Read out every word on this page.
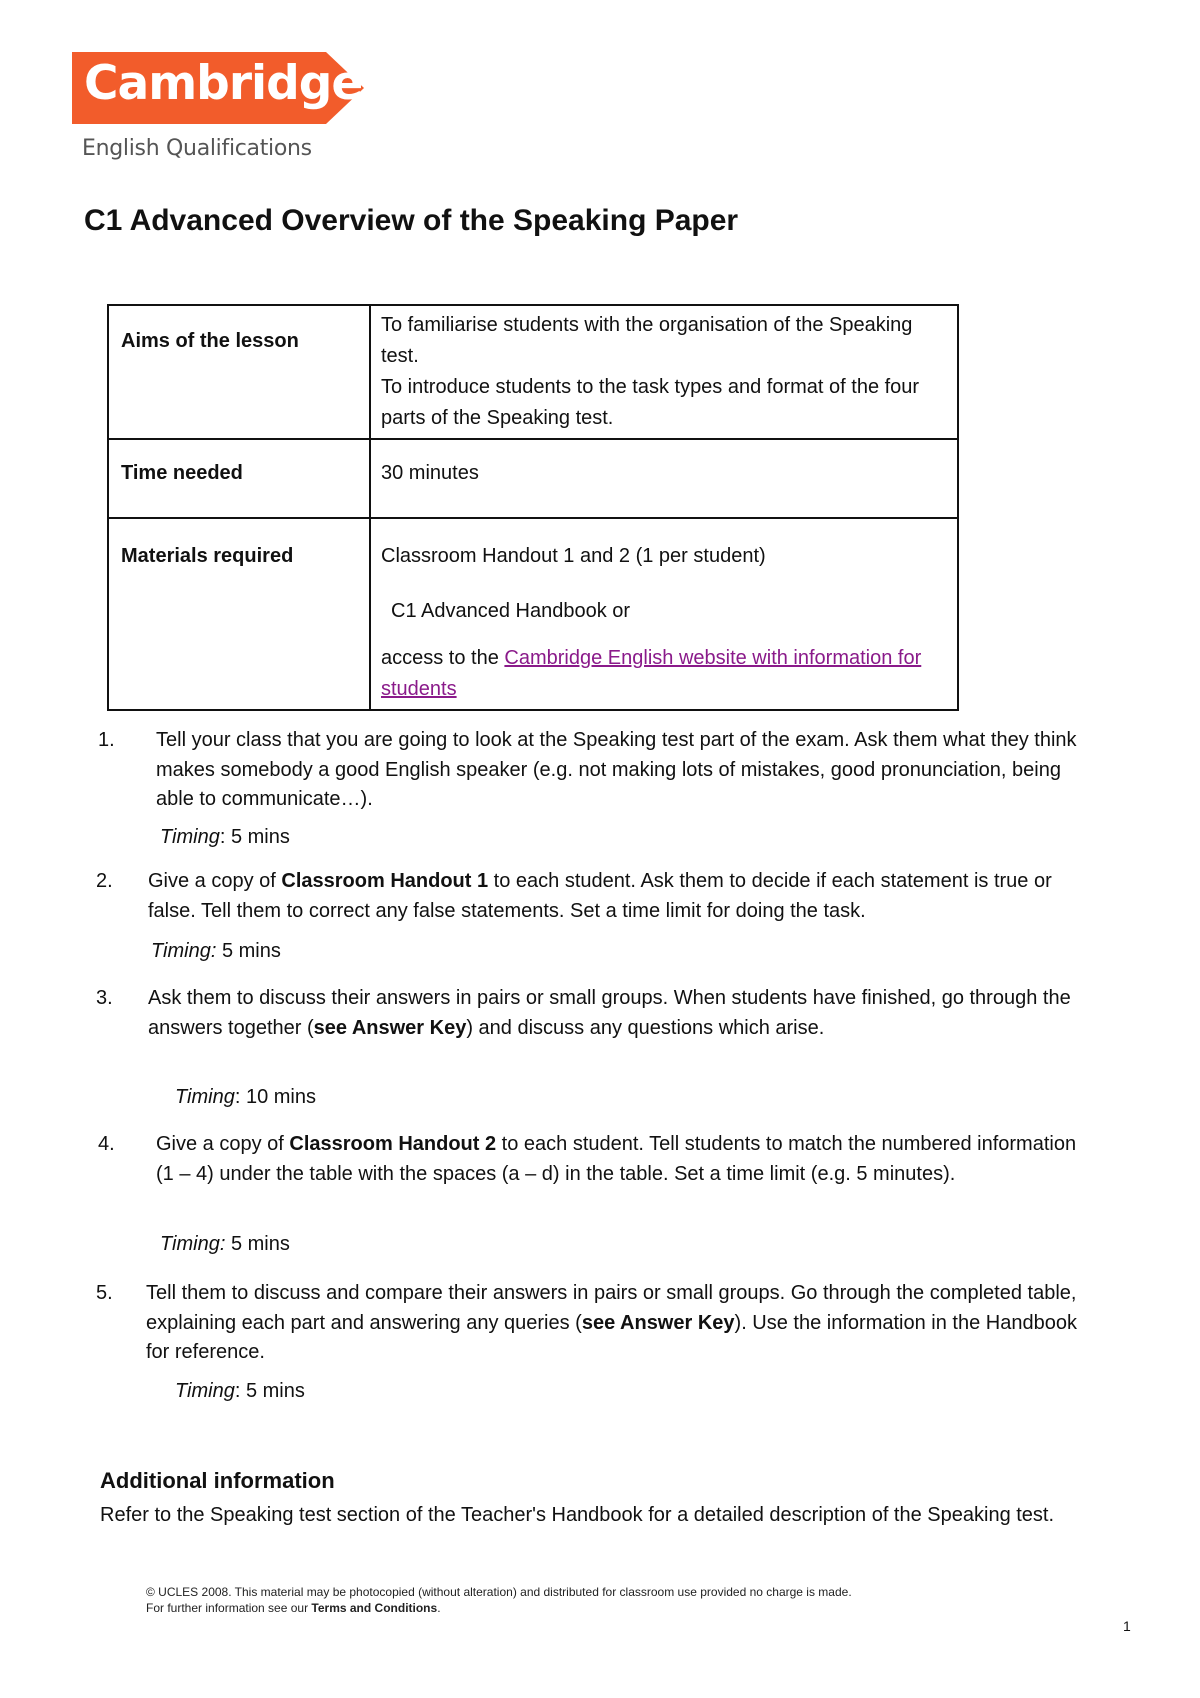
Cambridge
English Qualifications
C1 Advanced Overview of the Speaking Paper
Aims of the lesson	To familiarise students with the organisation of the Speaking test.
To introduce students to the task types and format of the four parts of the Speaking test.

Time needed	30 minutes
Materials required	Classroom Handout 1 and 2 (1 per student)
C1 Advanced Handbook or
access to the Cambridge English website with information for students
1. Tell your class that you are going to look at the Speaking test part of the exam. Ask them what they think makes somebody a good English speaker (e.g. not making lots of mistakes, good pronunciation, being able to communicate…).
Timing: 5 mins
2. Give a copy of Classroom Handout 1 to each student. Ask them to decide if each statement is true or false. Tell them to correct any false statements. Set a time limit for doing the task.
Timing: 5 mins
3. Ask them to discuss their answers in pairs or small groups. When students have finished, go through the answers together (see Answer Key) and discuss any questions which arise.
Timing: 10 mins
4. Give a copy of Classroom Handout 2 to each student. Tell students to match the numbered information (1 – 4) under the table with the spaces (a – d) in the table. Set a time limit (e.g. 5 minutes).
Timing: 5 mins
5. Tell them to discuss and compare their answers in pairs or small groups. Go through the completed table, explaining each part and answering any queries (see Answer Key). Use the information in the Handbook for reference.
Timing: 5 mins
Additional information

Refer to the Speaking test section of the Teacher's Handbook for a detailed description of the Speaking test.

© UCLES 2008. This material may be photocopied (without alteration) and distributed for classroom use provided no charge is made.
For further information see our Terms and Conditions.
1
